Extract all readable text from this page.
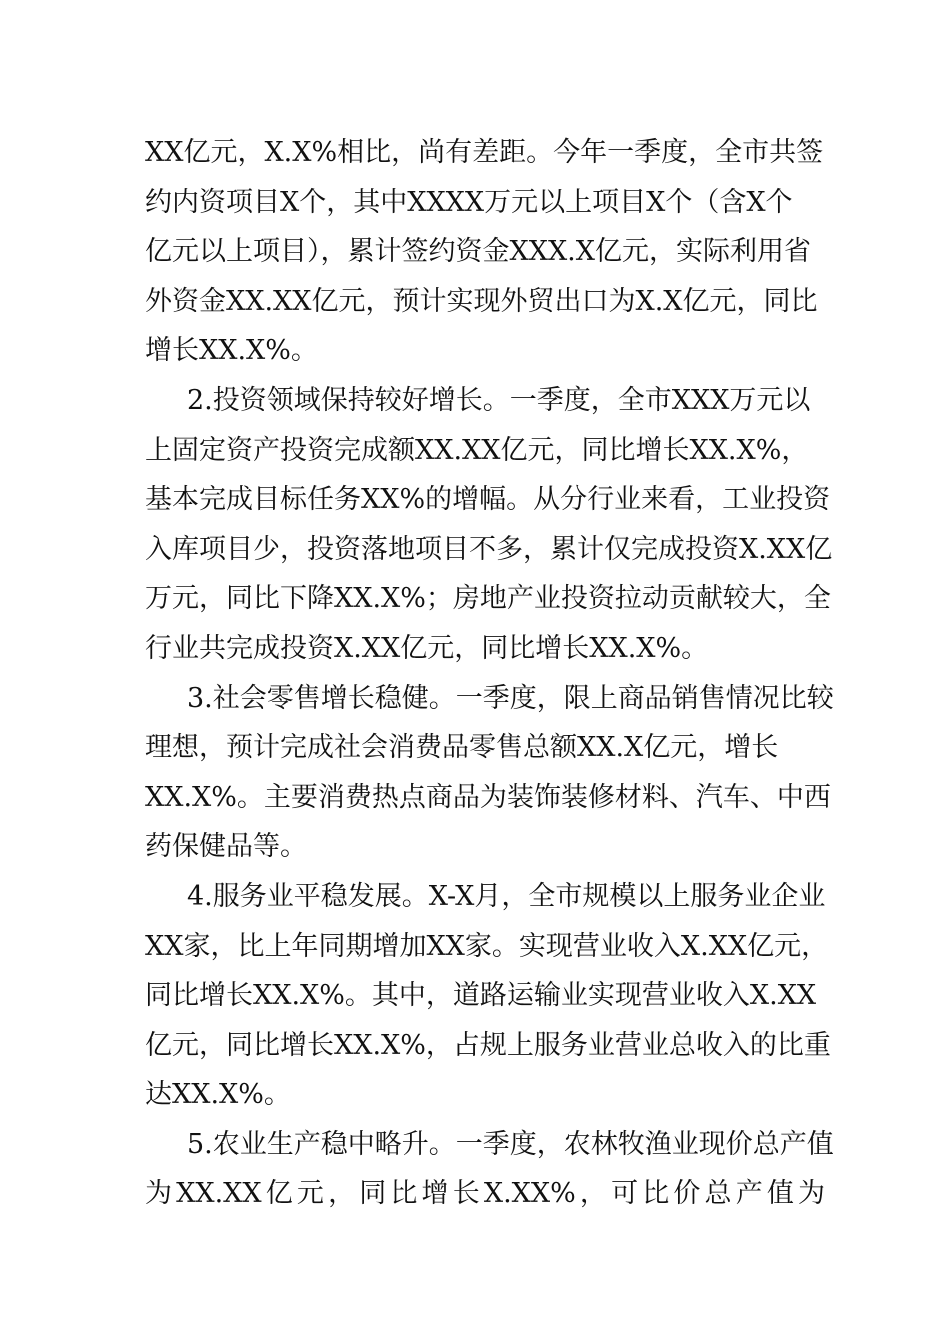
XX亿元，X.X%相比，尚有差距。今年一季度，全市共签
约内资项目X个，其中XXXX万元以上项目X个（含X个
亿元以上项目），累计签约资金XXX.X亿元，实际利用省
外资金XX.XX亿元，预计实现外贸出口为X.X亿元，同比
增长XX.X%。
2.投资领域保持较好增长。一季度，全市XXX万元以
上固定资产投资完成额XX.XX亿元，同比增长XX.X%，
基本完成目标任务XX%的增幅。从分行业来看，工业投资
入库项目少，投资落地项目不多，累计仅完成投资X.XX亿
万元，同比下降XX.X%；房地产业投资拉动贡献较大，全
行业共完成投资X.XX亿元，同比增长XX.X%。
3.社会零售增长稳健。一季度，限上商品销售情况比较
理想，预计完成社会消费品零售总额XX.X亿元，增长
XX.X%。主要消费热点商品为装饰装修材料、汽车、中西
药保健品等。
4.服务业平稳发展。X-X月，全市规模以上服务业企业
XX家，比上年同期增加XX家。实现营业收入X.XX亿元，
同比增长XX.X%。其中，道路运输业实现营业收入X.XX
亿元，同比增长XX.X%，占规上服务业营业总收入的比重
达XX.X%。
5.农业生产稳中略升。一季度，农林牧渔业现价总产值
为XX.XX亿元，同比增长X.XX%，可比价总产值为
